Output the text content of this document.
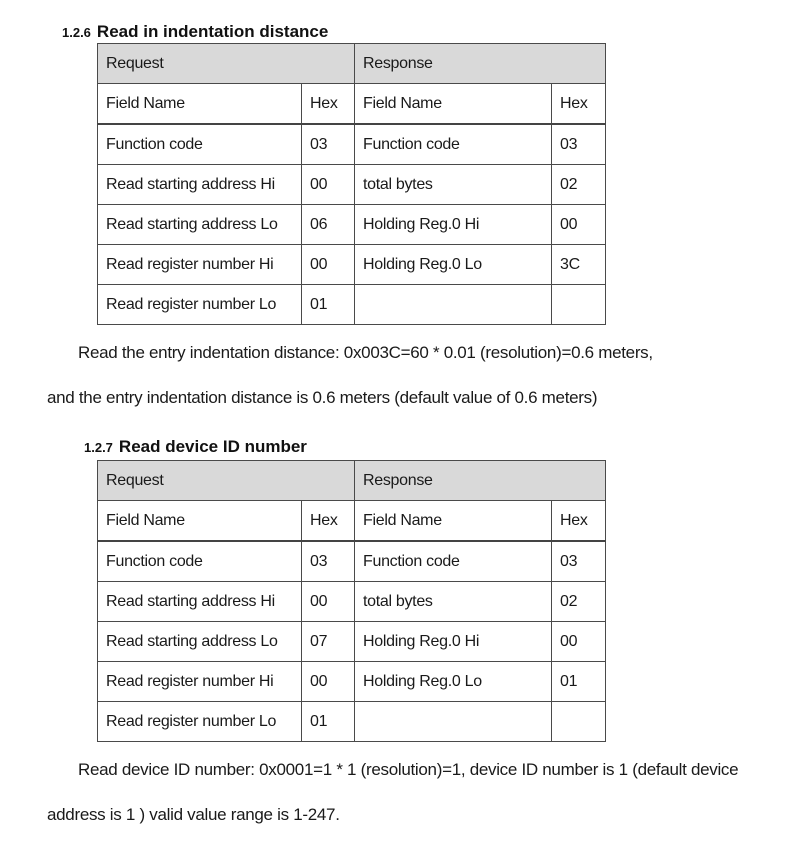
1.2.6 Read in indentation distance
Request		Response	
Field Name	Hex	Field Name	Hex
Function code	03	Function code	03
Read starting address Hi	00	total bytes	02
Read starting address Lo	06	Holding Reg.0 Hi	00
Read register number Hi	00	Holding Reg.0 Lo	3C
Read register number Lo	01		
Read the entry indentation distance: 0x003C=60 * 0.01 (resolution)=0.6 meters,
and the entry indentation distance is 0.6 meters (default value of 0.6 meters)
1.2.7 Read device ID number
Request		Response	
Field Name	Hex	Field Name	Hex
Function code	03	Function code	03
Read starting address Hi	00	total bytes	02
Read starting address Lo	07	Holding Reg.0 Hi	00
Read register number Hi	00	Holding Reg.0 Lo	01
Read register number Lo	01		
Read device ID number: 0x0001=1 * 1 (resolution)=1, device ID number is 1 (default device
address is 1 ) valid value range is 1-247.
